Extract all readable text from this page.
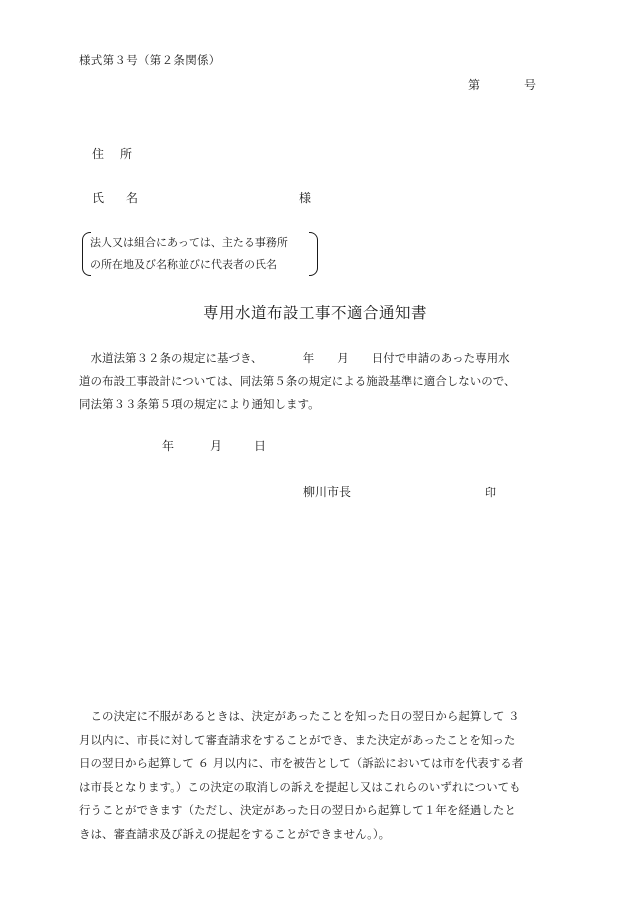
様式第３号（第２条関係）
第	号
住　所
氏 名	様
法人又は組合にあっては、主たる事務所
の所在地及び名称並びに代表者の氏名
専用水道布設工事不適合通知書
　水道法第３２条の規定に基づき、　　　　年　　月　　日付で申請のあった専用水
道の布設工事設計については、同法第５条の規定による施設基準に適合しないので、
同法第３３条第５項の規定により通知します。
年	月	日
柳川市長	印
　この決定に不服があるときは、決定があったことを知った日の翌日から起算して ３
月以内に、市長に対して審査請求をすることができ、また決定があったことを知った
日の翌日から起算して ６ 月以内に、市を被告として（訴訟においては市を代表する者
は市長となります。）この決定の取消しの訴えを提起し又はこれらのいずれについても
行うことができます（ただし、決定があった日の翌日から起算して１年を経過したと
きは、審査請求及び訴えの提起をすることができません。）。
